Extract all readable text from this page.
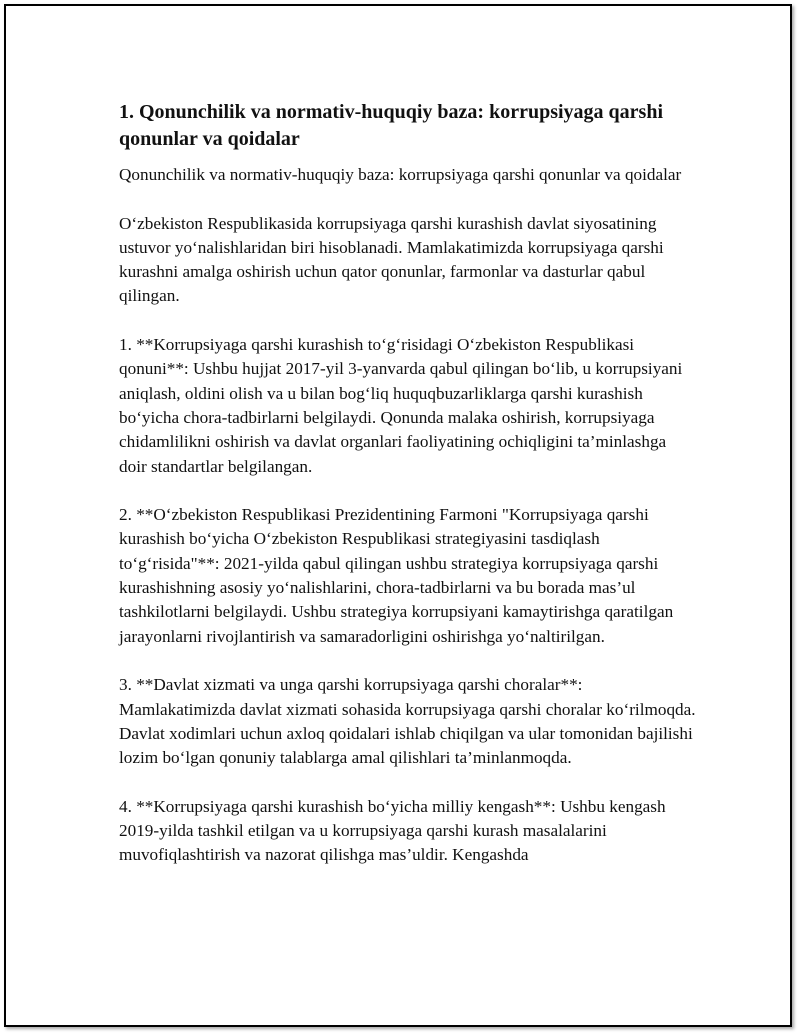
1. Qonunchilik va normativ-huquqiy baza: korrupsiyaga qarshi qonunlar va qoidalar

Qonunchilik va normativ-huquqiy baza: korrupsiyaga qarshi qonunlar va qoidalar

O‘zbekiston Respublikasida korrupsiyaga qarshi kurashish davlat siyosatining ustuvor yo‘nalishlaridan biri hisoblanadi. Mamlakatimizda korrupsiyaga qarshi kurashni amalga oshirish uchun qator qonunlar, farmonlar va dasturlar qabul qilingan.

1. **Korrupsiyaga qarshi kurashish to‘g‘risidagi O‘zbekiston Respublikasi qonuni**: Ushbu hujjat 2017-yil 3-yanvarda qabul qilingan bo‘lib, u korrupsiyani aniqlash, oldini olish va u bilan bog‘liq huquqbuzarliklarga qarshi kurashish bo‘yicha chora-tadbirlarni belgilaydi. Qonunda malaka oshirish, korrupsiyaga chidamlilikni oshirish va davlat organlari faoliyatining ochiqligini ta’minlashga doir standartlar belgilangan.

2. **O‘zbekiston Respublikasi Prezidentining Farmoni "Korrupsiyaga qarshi kurashish bo‘yicha O‘zbekiston Respublikasi strategiyasini tasdiqlash to‘g‘risida"**: 2021-yilda qabul qilingan ushbu strategiya korrupsiyaga qarshi kurashishning asosiy yo‘nalishlarini, chora-tadbirlarni va bu borada mas’ul tashkilotlarni belgilaydi. Ushbu strategiya korrupsiyani kamaytirishga qaratilgan jarayonlarni rivojlantirish va samaradorligini oshirishga yo‘naltirilgan.

3. **Davlat xizmati va unga qarshi korrupsiyaga qarshi choralar**: Mamlakatimizda davlat xizmati sohasida korrupsiyaga qarshi choralar ko‘rilmoqda. Davlat xodimlari uchun axloq qoidalari ishlab chiqilgan va ular tomonidan bajilishi lozim bo‘lgan qonuniy talablarga amal qilishlari ta’minlanmoqda.

4. **Korrupsiyaga qarshi kurashish bo‘yicha milliy kengash**: Ushbu kengash 2019-yilda tashkil etilgan va u korrupsiyaga qarshi kurash masalalarini muvofiqlashtirish va nazorat qilishga mas’uldir. Kengashda
